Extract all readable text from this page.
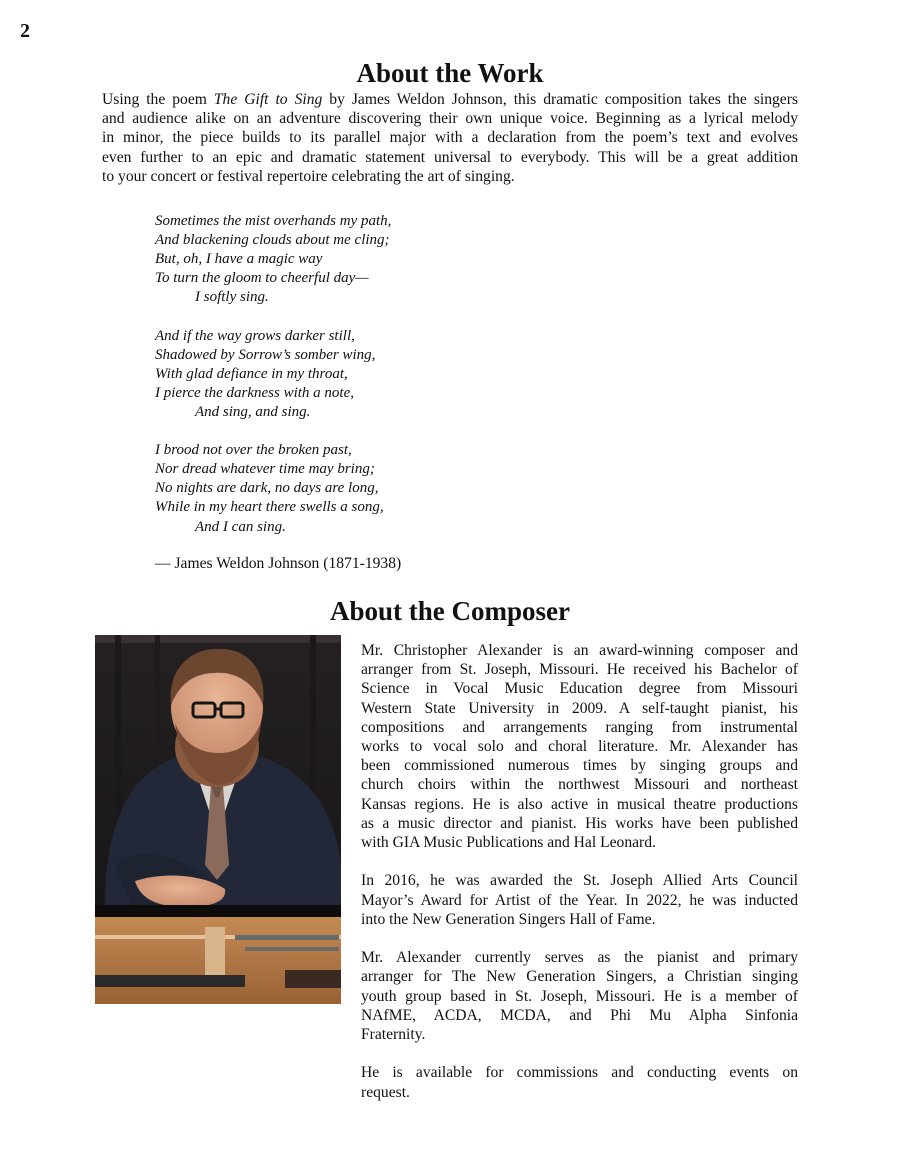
2
About the Work
Using the poem The Gift to Sing by James Weldon Johnson, this dramatic composition takes the singers
and audience alike on an adventure discovering their own unique voice. Beginning as a lyrical melody
in minor, the piece builds to its parallel major with a declaration from the poem’s text and evolves
even further to an epic and dramatic statement universal to everybody. This will be a great addition
to your concert or festival repertoire celebrating the art of singing.
Sometimes the mist overhands my path,
And blackening clouds about me cling;
But, oh, I have a magic way
To turn the gloom to cheerful day—
I softly sing.
And if the way grows darker still,
Shadowed by Sorrow’s somber wing,
With glad defiance in my throat,
I pierce the darkness with a note,
And sing, and sing.
I brood not over the broken past,
Nor dread whatever time may bring;
No nights are dark, no days are long,
While in my heart there swells a song,
And I can sing.
— James Weldon Johnson (1871-1938)
About the Composer
Mr. Christopher Alexander is an award-winning composer and
arranger from St. Joseph, Missouri. He received his Bachelor of
Science in Vocal Music Education degree from Missouri
Western State University in 2009. A self-taught pianist, his
compositions and arrangements ranging from instrumental
works to vocal solo and choral literature. Mr. Alexander has
been commissioned numerous times by singing groups and
church choirs within the northwest Missouri and northeast
Kansas regions. He is also active in musical theatre productions
as a music director and pianist. His works have been published
with GIA Music Publications and Hal Leonard.
In 2016, he was awarded the St. Joseph Allied Arts Council
Mayor’s Award for Artist of the Year. In 2022, he was inducted
into the New Generation Singers Hall of Fame.
Mr. Alexander currently serves as the pianist and primary
arranger for The New Generation Singers, a Christian singing
youth group based in St. Joseph, Missouri. He is a member of
NAfME, ACDA, MCDA, and Phi Mu Alpha Sinfonia
Fraternity.
He is available for commissions and conducting events on
request.
